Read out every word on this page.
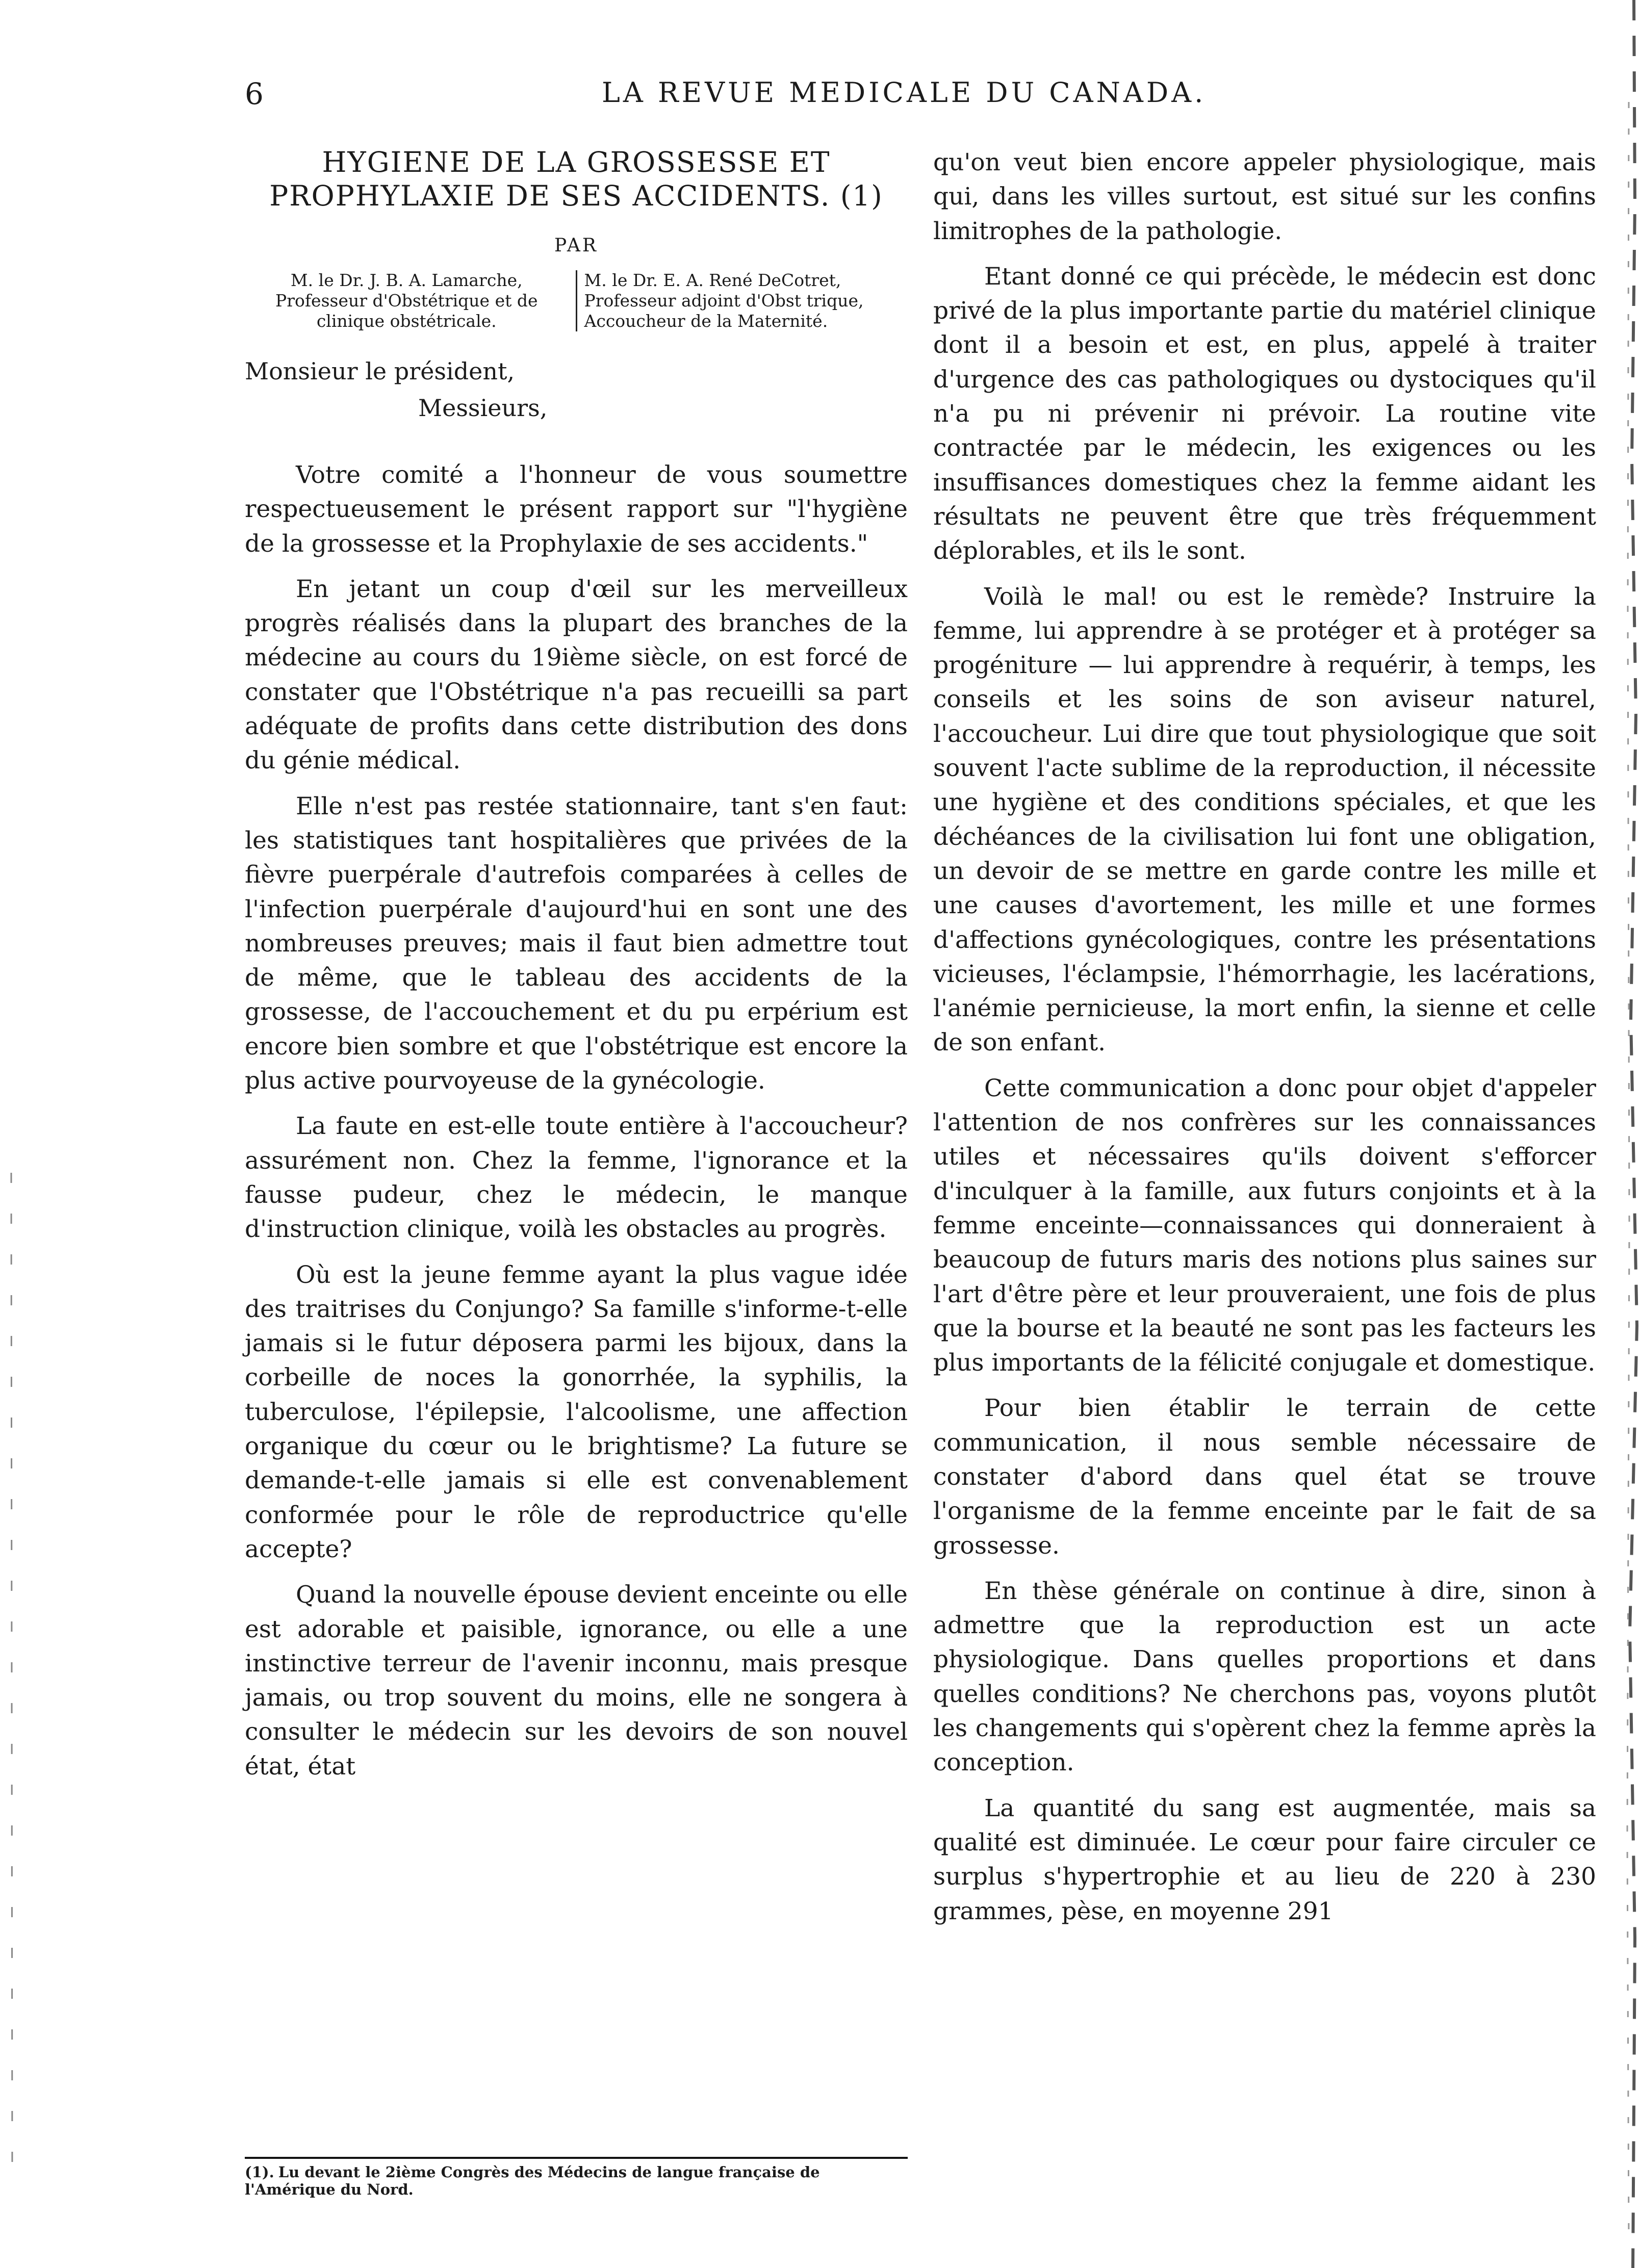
6	LA REVUE MEDICALE DU CANADA.
HYGIENE DE LA GROSSESSE ET PROPHYLAXIE DE SES ACCIDENTS. (1)
PAR
M. le Dr. J. B. A. Lamarche, Professeur d'Obstétrique et de clinique obstétricale.
M. le Dr. E. A. René DeCotret, Professeur adjoint d'Obst trique, Accoucheur de la Maternité.
Monsieur le président,
Messieurs,

Votre comité a l'honneur de vous soumettre respectueusement le présent rapport sur "l'hygiène de la grossesse et la Prophylaxie de ses accidents."

En jetant un coup d'œil sur les merveilleux progrès réalisés dans la plupart des branches de la médecine au cours du 19ième siècle, on est forcé de constater que l'Obstétrique n'a pas recueilli sa part adéquate de profits dans cette distribution des dons du génie médical.

Elle n'est pas restée stationnaire, tant s'en faut: les statistiques tant hospitalières que privées de la fièvre puerpérale d'autrefois comparées à celles de l'infection puerpérale d'aujourd'hui en sont une des nombreuses preuves; mais il faut bien admettre tout de même, que le tableau des accidents de la grossesse, de l'accouchement et du pu erpérium est encore bien sombre et que l'obstétrique est encore la plus active pourvoyeuse de la gynécologie.

La faute en est-elle toute entière à l'accoucheur? assurément non. Chez la femme, l'ignorance et la fausse pudeur, chez le médecin, le manque d'instruction clinique, voilà les obstacles au progrès.

Où est la jeune femme ayant la plus vague idée des traitrises du Conjungo? Sa famille s'informe-t-elle jamais si le futur déposera parmi les bijoux, dans la corbeille de noces la gonorrhée, la syphilis, la tuberculose, l'épilepsie, l'alcoolisme, une affection organique du cœur ou le brightisme? La future se demande-t-elle jamais si elle est convenablement conformée pour le rôle de reproductrice qu'elle accepte?

Quand la nouvelle épouse devient enceinte ou elle est adorable et paisible, ignorance, ou elle a une instinctive terreur de l'avenir inconnu, mais presque jamais, ou trop souvent du moins, elle ne songera à consulter le médecin sur les devoirs de son nouvel état, état

(1). Lu devant le 2ième Congrès des Médecins de langue française de l'Amérique du Nord.

qu'on veut bien encore appeler physiologique, mais qui, dans les villes surtout, est situé sur les confins limitrophes de la pathologie.

Etant donné ce qui précède, le médecin est donc privé de la plus importante partie du matériel clinique dont il a besoin et est, en plus, appelé à traiter d'urgence des cas pathologiques ou dystociques qu'il n'a pu ni prévenir ni prévoir. La routine vite contractée par le médecin, les exigences ou les insuffisances domestiques chez la femme aidant les résultats ne peuvent être que très fréquemment déplorables, et ils le sont.

Voilà le mal! ou est le remède? Instruire la femme, lui apprendre à se protéger et à protéger sa progéniture — lui apprendre à requérir, à temps, les conseils et les soins de son aviseur naturel, l'accoucheur. Lui dire que tout physiologique que soit souvent l'acte sublime de la reproduction, il nécessite une hygiène et des conditions spéciales, et que les déchéances de la civilisation lui font une obligation, un devoir de se mettre en garde contre les mille et une causes d'avortement, les mille et une formes d'affections gynécologiques, contre les présentations vicieuses, l'éclampsie, l'hémorrhagie, les lacérations, l'anémie pernicieuse, la mort enfin, la sienne et celle de son enfant.

Cette communication a donc pour objet d'appeler l'attention de nos confrères sur les connaissances utiles et nécessaires qu'ils doivent s'efforcer d'inculquer à la famille, aux futurs conjoints et à la femme enceinte—connaissances qui donneraient à beaucoup de futurs maris des notions plus saines sur l'art d'être père et leur prouveraient, une fois de plus que la bourse et la beauté ne sont pas les facteurs les plus importants de la félicité conjugale et domestique.

Pour bien établir le terrain de cette communication, il nous semble nécessaire de constater d'abord dans quel état se trouve l'organisme de la femme enceinte par le fait de sa grossesse.

En thèse générale on continue à dire, sinon à admettre que la reproduction est un acte physiologique. Dans quelles proportions et dans quelles conditions? Ne cherchons pas, voyons plutôt les changements qui s'opèrent chez la femme après la conception.

La quantité du sang est augmentée, mais sa qualité est diminuée. Le cœur pour faire circuler ce surplus s'hypertrophie et au lieu de 220 à 230 grammes, pèse, en moyenne 291
